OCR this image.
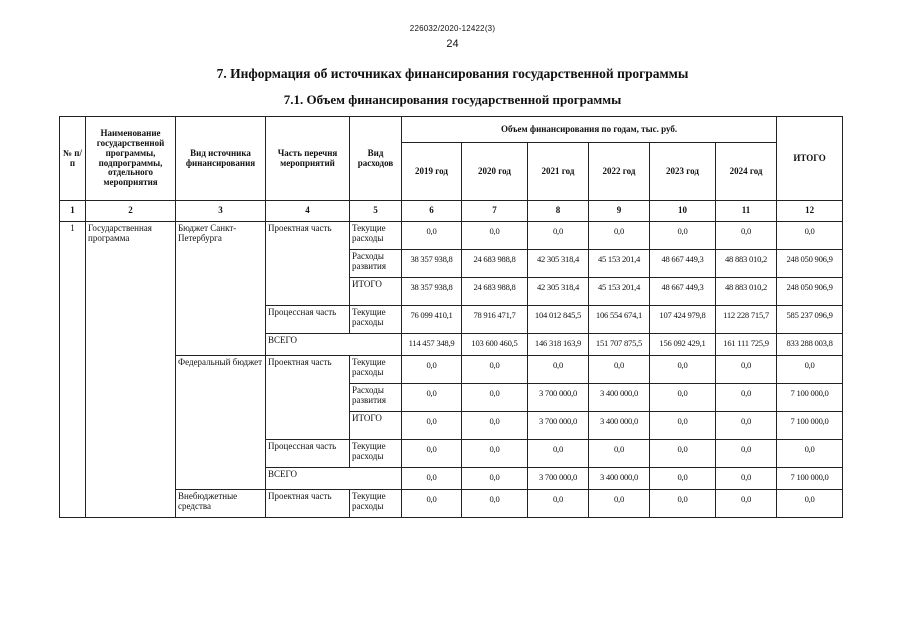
226032/2020-12422(3)
24
7. Информация об источниках финансирования государственной программы
7.1. Объем финансирования государственной программы
№ п/п	Наименование государственной программы, подпрограммы, отдельного мероприятия	Вид источника финансирования	Часть перечня мероприятий	Вид расходов	Объем финансирования по годам, тыс. руб.						ИТОГО
					2019 год	2020 год	2021 год	2022 год	2023 год	2024 год	
1	2	3	4	5	6	7	8	9	10	11	12
1	Государственная программа	Бюджет Санкт-Петербурга	Проектная часть	Текущие расходы	0,0	0,0	0,0	0,0	0,0	0,0	0,0
				Расходы развития	38 357 938,8	24 683 988,8	42 305 318,4	45 153 201,4	48 667 449,3	48 883 010,2	248 050 906,9
				ИТОГО	38 357 938,8	24 683 988,8	42 305 318,4	45 153 201,4	48 667 449,3	48 883 010,2	248 050 906,9
			Процессная часть	Текущие расходы	76 099 410,1	78 916 471,7	104 012 845,5	106 554 674,1	107 424 979,8	112 228 715,7	585 237 096,9
			ВСЕГО		114 457 348,9	103 600 460,5	146 318 163,9	151 707 875,5	156 092 429,1	161 111 725,9	833 288 003,8
		Федеральный бюджет	Проектная часть	Текущие расходы	0,0	0,0	0,0	0,0	0,0	0,0	0,0
				Расходы развития	0,0	0,0	3 700 000,0	3 400 000,0	0,0	0,0	7 100 000,0
				ИТОГО	0,0	0,0	3 700 000,0	3 400 000,0	0,0	0,0	7 100 000,0
			Процессная часть	Текущие расходы	0,0	0,0	0,0	0,0	0,0	0,0	0,0
			ВСЕГО		0,0	0,0	3 700 000,0	3 400 000,0	0,0	0,0	7 100 000,0
		Внебюджетные средства	Проектная часть	Текущие расходы	0,0	0,0	0,0	0,0	0,0	0,0	0,0
